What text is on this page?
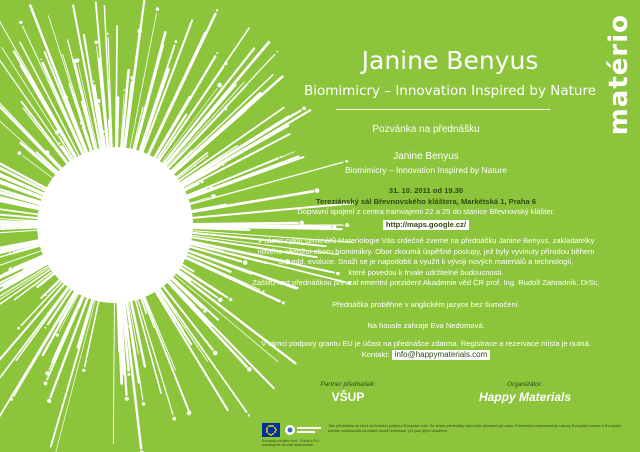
matério
Janine Benyus
Biomimicry – Innovation Inspired by Nature
Pozvánka na přednášku
Janine Benyus
Biomimicry – Innovation Inspired by Nature
31. 10. 2011 od 19.30
Tereziánský sál Břevnovského kláštera, Markétská 1, Praha 6
Dopravní spojení z centra tramvajemi 22 a 25 do stanice Břevnovský klášter.
http://maps.google.cz/
V rámci cyklu seminářů Materiologie Vás srdečně zveme na přednášku Janine Benyus, zakladatelky
nového vědního oboru biomimikry. Obor zkoumá úspěšné postupy, jež byly vyvinuty přírodou během
3,8 mld. evoluce. Snaží se je napodobit a využít k vývoji nových materiálů a technologií,
které povedou k trvale udržitelné budoucnosti.
Záštitu nad přednáškou převzal emeritní prezident Akademie věd ČR prof. Ing. Rudolf Zahradník, DrSc.
Přednáška proběhne v anglickém jazyce bez tlumočení.
Na housle zahraje Eva Nedomová.
V rámci podpory grantu EU je účast na přednášce zdarma. Registrace a rezervace místa je nutná.
Kontakt: info@happymaterials.com
Partner přednášek:
VŠUP
Organizátor:
Happy Materials
Evropský sociální fond · Praha & EU: Investujeme do vaší budoucnosti
Tato přednáška se koná za finanční podpory Evropské unie. Za obsah přednášky odpovídá výhradně její autor. Přednáška neeprezentuje názory Evropské komise a Evropská komise neodpovídá za žádné použití informací, jež jsou jejím obsahem.
